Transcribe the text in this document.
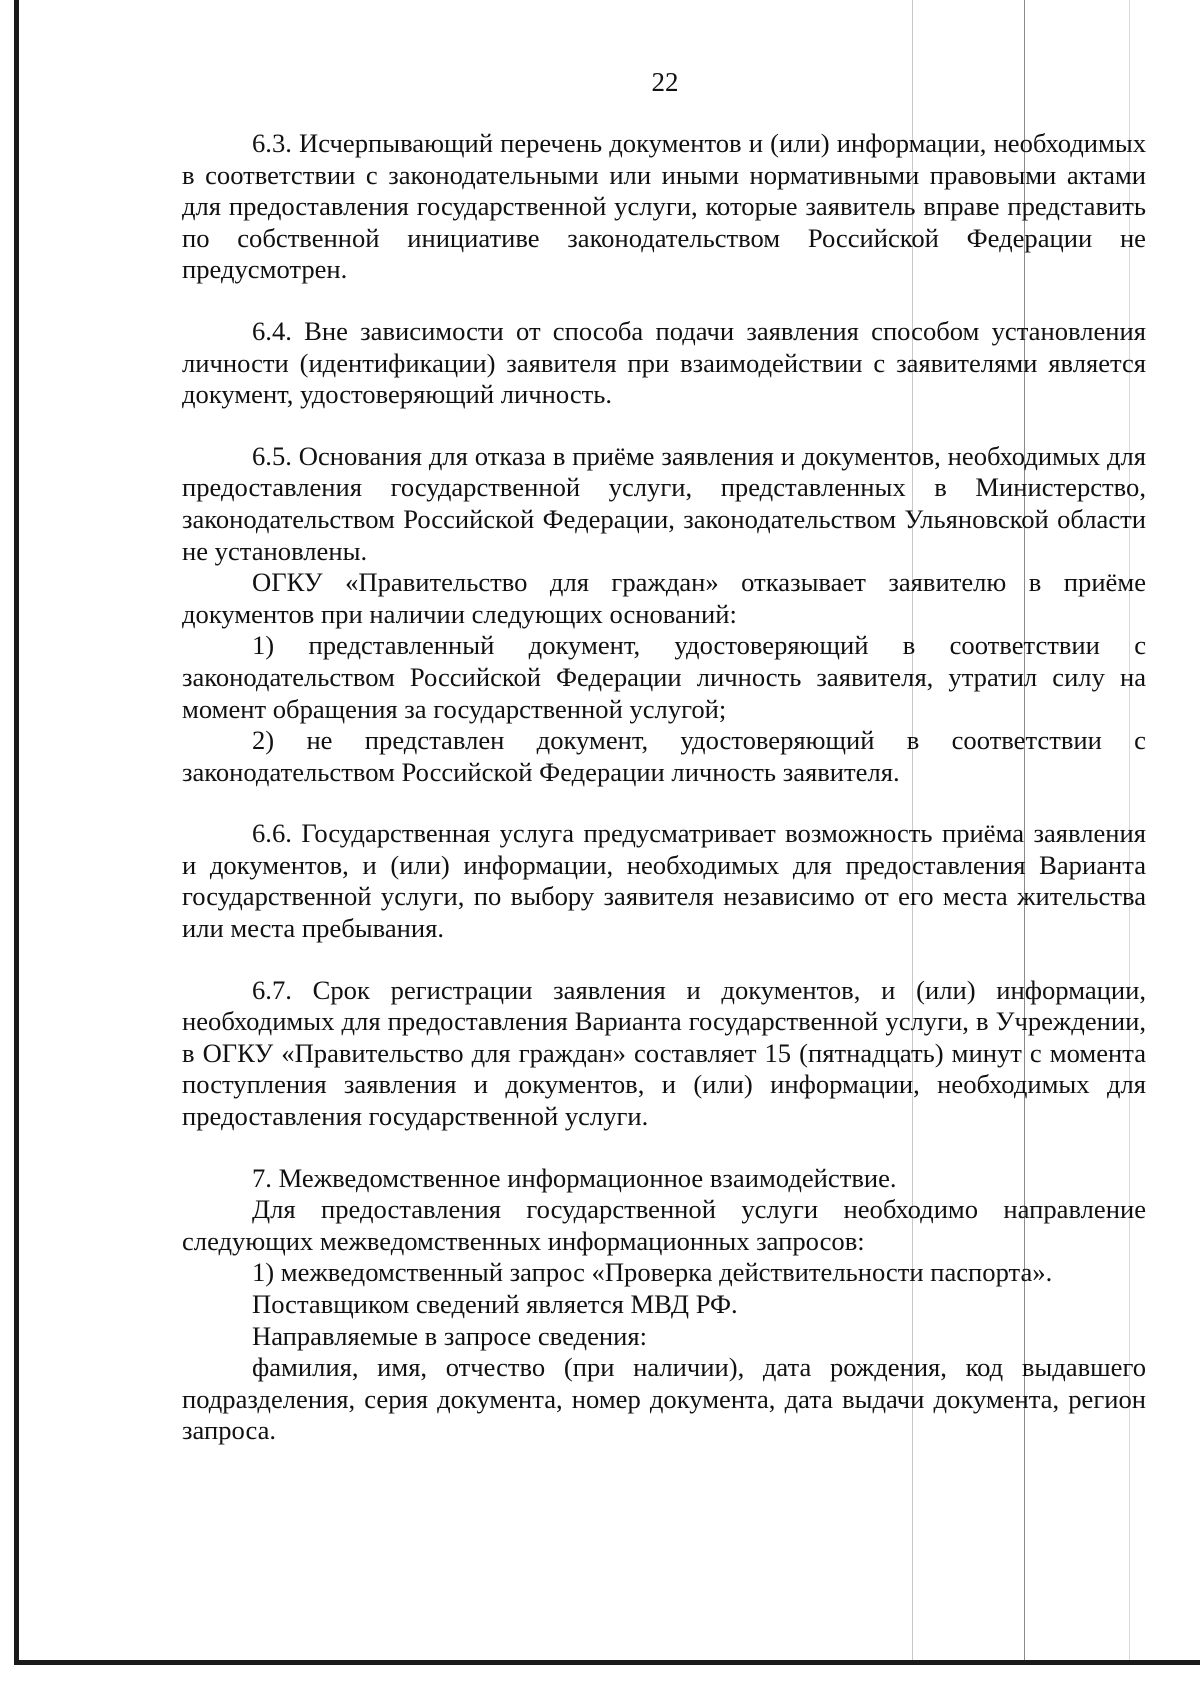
22

6.3. Исчерпывающий перечень документов и (или) информации, необходимых в соответствии с законодательными или иными нормативными правовыми актами для предоставления государственной услуги, которые заявитель вправе представить по собственной инициативе законодательством Российской Федерации не предусмотрен.

6.4. Вне зависимости от способа подачи заявления способом установления личности (идентификации) заявителя при взаимодействии с заявителями является документ, удостоверяющий личность.

6.5. Основания для отказа в приёме заявления и документов, необходимых для предоставления государственной услуги, представленных в Министерство, законодательством Российской Федерации, законодательством Ульяновской области не установлены.

ОГКУ «Правительство для граждан» отказывает заявителю в приёме документов при наличии следующих оснований:

1) представленный документ, удостоверяющий в соответствии с законодательством Российской Федерации личность заявителя, утратил силу на момент обращения за государственной услугой;

2) не представлен документ, удостоверяющий в соответствии с законодательством Российской Федерации личность заявителя.

6.6. Государственная услуга предусматривает возможность приёма заявления и документов, и (или) информации, необходимых для предоставления Варианта государственной услуги, по выбору заявителя независимо от его места жительства или места пребывания.

6.7. Срок регистрации заявления и документов, и (или) информации, необходимых для предоставления Варианта государственной услуги, в Учреждении, в ОГКУ «Правительство для граждан» составляет 15 (пятнадцать) минут с момента поступления заявления и документов, и (или) информации, необходимых для предоставления государственной услуги.

7. Межведомственное информационное взаимодействие.

Для предоставления государственной услуги необходимо направление следующих межведомственных информационных запросов:

1) межведомственный запрос «Проверка действительности паспорта».

Поставщиком сведений является МВД РФ.

Направляемые в запросе сведения:

фамилия, имя, отчество (при наличии), дата рождения, код выдавшего подразделения, серия документа, номер документа, дата выдачи документа, регион запроса.
